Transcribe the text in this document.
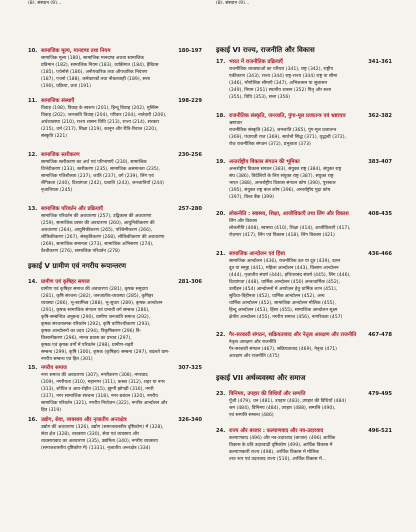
(8), संस्थान (9)...
10. सामाजिक मूल्य, मानदण्ड तथा नियम	180-197

सामाजिक मूल्य (180), सामाजिक मानदण्ड अथवा सामाजिक

प्रतिमान (182), सामाजिक नियम (183), व्यक्तिगत (184), हैबिटस

(185), एथेनोसे (186), अनौपचारिक तथा औपचारिक नियंत्रण

(187), एथनो (188), कर्मकाण्डों तथा नौकरशाही (189), सत्ता

(190), प्रक्रिया, प्रथा (191)

11. सामाजिक संस्थाएँ	198-229

विवाह (198), विवाह के स्वरूप (201), हिन्दू विवाह (202), मुस्लिम

विवाह (202), जनजाति विवाह (204), परिवार (204), नातेदारी (206),

अर्थव्यवस्था (210), राज्य शासन विधि (213), राज्य (214), सरकार

(215), धर्म (217), शिक्षा (219), कानून और रीति-रिवाज (220),

संस्कृति (221)

12. सामाजिक स्तरीकरण	230-256

सामाजिक स्तरीकरण का अर्थ एवं परिभाषाएँ (230), सामाजिक

विभेदीकरण (233), स्तरीकरण (235), सामाजिक असमानता (235),

सामाजिक गतिशीलता (237), जाति (237), वर्ग (239), लिंग एवं

लैंगिकता (240), दिव्यांगता (242), प्रजाति (243), जनजातियाँ (244)

नृजातियता (245)

13. सामाजिक परिवर्तन और प्रक्रियाएँ	257-280

सामाजिक परिवर्तन की अवधारणा (257), उद्विकास की अवधारणा

(259), सामाजिक प्रसार की अवधारणा (260), आधुनिकीकरण की

अवधारणा (264), आधुनिकीकरण (265), पश्चिमीकरण (266),

लौकिकीकरण (267), संस्कृतिकरण (268), लौकिकीकरण की अवधारणा

(269), सामाजिक समानता (273), सामाजिक अभिसरण (274),

वैश्वीकरण (276), सामाजिक परिवर्तन (278)

इकाई V ग्रामीण एवं नगरीय रूपान्तरण
14. ग्रामीण एवं कृषिहर समाज	281-306

ग्रामीण एवं कृषिहर समाज की अवधारणा (281), कृषक समुदाय

(281), कृषि संरचना (282), जनजातीय-व्यवस्था (285), कृषिहर

व्यवस्था (286), भू-स्वामित्व (288), भू-सुधार (289), कृषक आन्दोलन

(291), कृषक सामाजिक संगठन एवं प्रभावी वर्ग सम्बन्ध (286),

कृषि-सम्बन्धित अनुबन्ध (290), ग्रामीण जनजाति समाज (292),

कृषक संरचनात्मक परिवर्तन (292), कृषि वाणिज्यीकरण (293),

कृषक आन्दोलनों का उदय (294), त्रिकृषिकरण (296) वि-

किसानीकरण (296), मानव प्रवास का प्रभाव (297),

कृषक एवं कृषक वर्गों में परिवर्तन (298), ग्रामीण-शहरी

सम्बन्ध (299), कृषि (300), कृषक (कृषिहर) सम्बन्ध (297), बदलते ग्राम-

नगरीय सम्बन्ध एवं हित (301)

15. नगरीय समाज	307-325

नगर समाज की अवधारणा (307), नगरीकरण (308), नगरवाद

(309), नगरीयता (310), महानगर (311), कस्बा (312), शहर या नगर

(313), शोधित व आव-रोहीत (315), झुग्गी झोपड़ी (316), नगरी

(317), नगर सामाजिक संरचना (318), नगर-प्रबंधन (320), नगरीय

सामाजिक परिवर्तन (321), नगरीय नियोजन (322), नगरीय आन्दोलन और

हित (319)

16. उद्योग, सेवा, व्यवसाय और नृजातीय अन्तःक्षेत्र	326-340

उद्योग की अवधारणा (326), उद्योग (समाजशास्त्रीय दृष्टिकोण) में (328),

सेवा क्षेत्र (328), व्यवसाय (330), सेवा एवं व्यवसाय और

व्यवसायवाद का अवधारणा (335), उद्यमिता (340), नगरीय व्यवसाय

(समाजशास्त्रीय दृष्टिकोण में) (1331), नृजातीय अन्तःक्षेत्र (334)

(8), संस्थान (9)...
इकाई VI राज्य, राजनीति और विकास
17. भारत में राजनीतिक प्रक्रियाएँ	341-361

राजनीतिक व्यवस्थाओं का परिचय (341), राष्ट्र (342), राष्ट्रीय

एकीकरण (343), राज्य (344) राष्ट्र-राज्य (344) राष्ट्र या सीमा

(346), भौगोलिक सीमाएँ (347), अभिशासन या सुशासन

(349), नियम (351) स्थानीय शासन (352) पितृ और सत्ता

(355), विधि (353), सत्ता (356)

18. राजनीतिक संस्कृति, जनजाति, पुंगा-मूल प्रजातन्त्र एवं भ्रष्टाचार	362-382

भ्रष्टाचार

राजनीतिक संस्कृति (362), जनजाति (365), पुंग-मूल प्रजातन्त्र

(369), पंचायती राज (369), सार्वभौ सिद्ध (371), वृद्धत्वी (372),

रोज़ राजनीतिक संगठन (372), प्रभुत्वता (373)

19. अन्तर्राष्ट्रीय विकास संगठन की भूमिका	383-407

अन्तर्राष्ट्रीय विकास संगठन (383), संयुक्त राष्ट्र (384), संयुक्त राष्ट्र

संघ (386), विदेशियों के लिए संयुक्त राष्ट्र (387), संयुक्त राष्ट्र

भारत (388), अन्तर्राष्ट्रीय विकास संगठन कोष (390), पुरस्कार

(395), संयुक्त राष्ट्र बाल कोष (396), अन्तर्राष्ट्रीय मुद्रा कोष

(397), विश्व बैंक (399)

20. लोकनीति : स्वास्थ्य, शिक्षा, आजीविकाएँ तथा लिंग और विकास	408-435

लिंग और विकास

लोकनीति (408), स्वास्थ्य (410), शिक्षा (414), आजीविकाएँ (417),

रोज़गार (417), लिंग एवं विकास (418), लिंग विकास (421)

21. सामाजिक आन्दोलन एवं हिंसा	436-466

सामाजिक आन्दोलन (436), राजनीतिक दल या दूत (439), दलन

दूत या समूह (441), महिला आन्दोलन (443), किसान आन्दोलन

(444), नृजातीय संघर्ष (444), हथियारबंद संघर्ष (445), लिंग (446),

दिव्यांगता (448), धार्मिक आन्दोलन (450) अन्तःधार्मिक (452),

उत्पीड़न (454) आन्दोलनों में आयोजन हेतु धार्मिक लाभ (451),

सुविधा-विहीनता (452), धार्मिक आन्दोलन (452), अन्य

धार्मिक आन्दोलन (452), सामाजिक आन्दोलन मौलिक (455),

हिन्दू आन्दोलन (453), हिंसा (455), सामाजिक आन्दोलन सूक्ष्म

क्षेत्रीय आन्दोलन (455), नगरीय समाज (456), नागरिकता (457)

22. गैर-सरकारी संगठन, सक्रियतावाद और नेतृत्व आरक्षण और राजनीति 467-478

नेतृत्व आरक्षण और राजनीति

गैर-सरकारी संगठन (467), सक्रियतावाद (469), नेतृत्व (471)

आरक्षण और राजनीति (475)

इकाई VII अर्थव्यवस्था और समाज
23. विनिमय, उपहार की विधियाँ और सम्पत्ति	479-495

पूँजी (479), धन (481), उपहार (483), उपहार की विधियाँ (484)

श्रम (484), विनिमय (484), उपहार (488), सम्पत्ति (490),

एवं सम्पत्ति सम्बन्ध (486)

24. राज्य और बाजार : कल्याणवाद और नव-उदारवाद	496-521

कल्याणवाद (496) और नव-उदारवाद (बाजार) (496) आर्थिक

विकास के प्रति उदारवादी दृष्टिकोण (499), आर्थिक विकास में

कल्याणकारी राज्य (498), आर्थिक विकास में मौलिक

तथा रूप एवं उदारवाद राज्य (510), आर्थिक विकास में...
